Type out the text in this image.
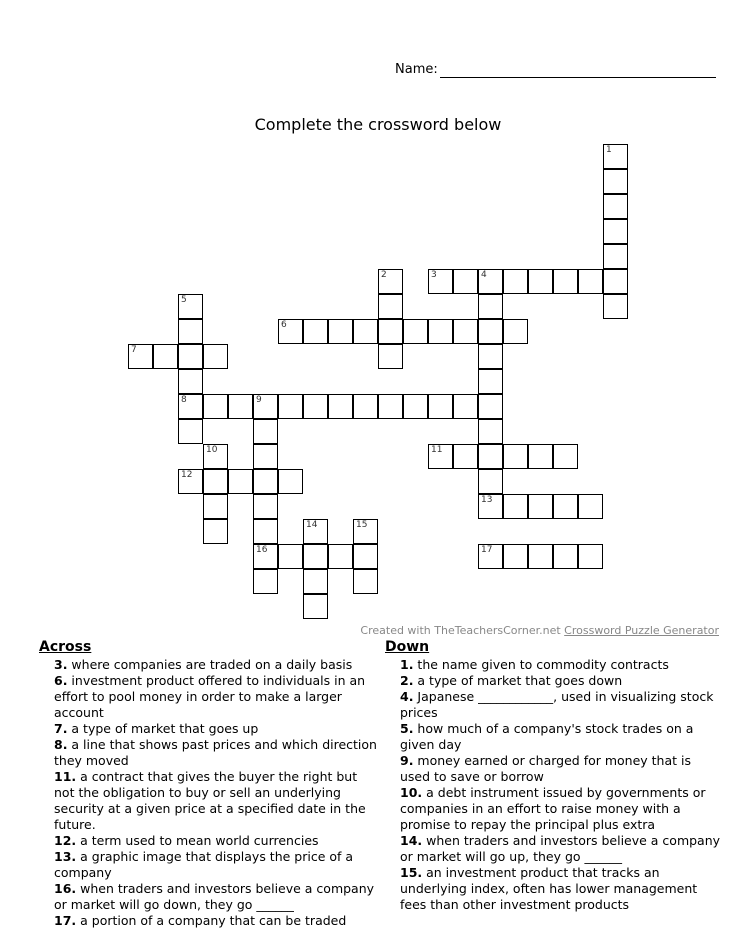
Name:
Complete the crossword below
1
2	3	4
5
8
6
7
9
16
10	11
12
13
14	15
17
Created with TheTeachersCorner.net Crossword Puzzle Generator
Across
3. where companies are traded on a daily basis
6. investment product offered to individuals in an effort to pool money in order to make a larger account
7. a type of market that goes up
8. a line that shows past prices and which direction they moved
11. a contract that gives the buyer the right but not the obligation to buy or sell an underlying security at a given price at a specified date in the future.
12. a term used to mean world currencies
13. a graphic image that displays the price of a company
16. when traders and investors believe a company or market will go down, they go ______
17. a portion of a company that can be traded
Down
1. the name given to commodity contracts
2. a type of market that goes down
4. Japanese ____________, used in visualizing stock prices
5. how much of a company's stock trades on a given day
9. money earned or charged for money that is used to save or borrow
10. a debt instrument issued by governments or companies in an effort to raise money with a promise to repay the principal plus extra
14. when traders and investors believe a company or market will go up, they go ______
15. an investment product that tracks an underlying index, often has lower management fees than other investment products
